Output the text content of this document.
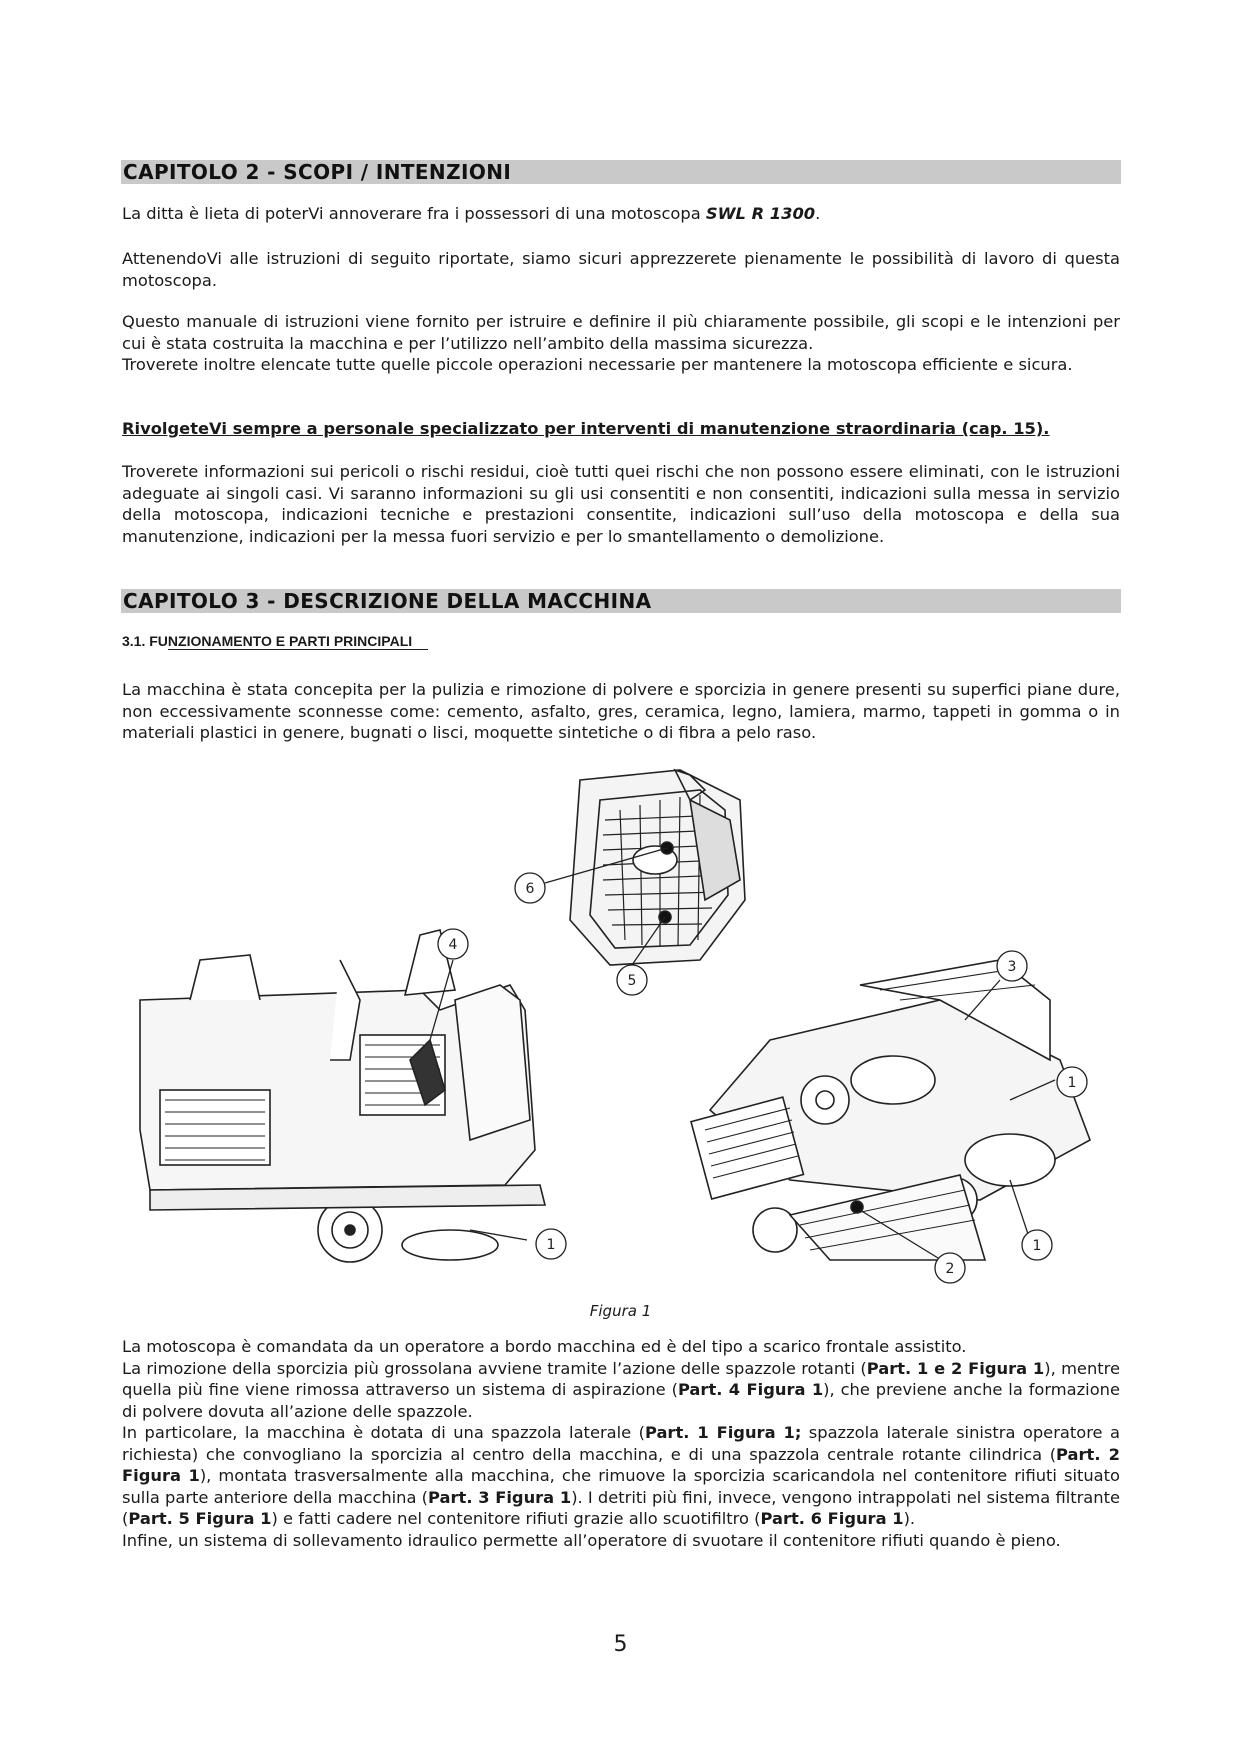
CAPITOLO 2 - SCOPI / INTENZIONI

La ditta è lieta di poterVi annoverare fra i possessori di una motoscopa SWL R 1300.

AttenendoVi alle istruzioni di seguito riportate, siamo sicuri apprezzerete pienamente le possibilità di lavoro di questa motoscopa.

Questo manuale di istruzioni viene fornito per istruire e definire il più chiaramente possibile, gli scopi e le intenzioni per cui è stata costruita la macchina e per l’utilizzo nell’ambito della massima sicurezza.
Troverete inoltre elencate tutte quelle piccole operazioni necessarie per mantenere la motoscopa efficiente e sicura.

RivolgeteVi sempre a personale specializzato per interventi di manutenzione straordinaria (cap. 15).

Troverete informazioni sui pericoli o rischi residui, cioè tutti quei rischi che non possono essere eliminati, con le istruzioni adeguate ai singoli casi. Vi saranno informazioni su gli usi consentiti e non consentiti, indicazioni sulla messa in servizio della motoscopa, indicazioni tecniche e prestazioni consentite, indicazioni sull’uso della motoscopa e della sua manutenzione, indicazioni per la messa fuori servizio e per lo smantellamento o demolizione.

CAPITOLO 3 - DESCRIZIONE DELLA MACCHINA
3.1. FUNZIONAMENTO E PARTI PRINCIPALI

La macchina è stata concepita per la pulizia e rimozione di polvere e sporcizia in genere presenti su superfici piane dure, non eccessivamente sconnesse come: cemento, asfalto, gres, ceramica, legno, lamiera, marmo, tappeti in gomma o in materiali plastici in genere, bugnati o lisci, moquette sintetiche o di fibra a pelo raso.

6
4
5
3
1
1	1
2
Figura 1

La motoscopa è comandata da un operatore a bordo macchina ed è del tipo a scarico frontale assistito.
La rimozione della sporcizia più grossolana avviene tramite l’azione delle spazzole rotanti (Part. 1 e 2 Figura 1), mentre quella più fine viene rimossa attraverso un sistema di aspirazione (Part. 4 Figura 1), che previene anche la formazione di polvere dovuta all’azione delle spazzole.
In particolare, la macchina è dotata di una spazzola laterale (Part. 1 Figura 1; spazzola laterale sinistra operatore a richiesta) che convogliano la sporcizia al centro della macchina, e di una spazzola centrale rotante cilindrica (Part. 2 Figura 1), montata trasversalmente alla macchina, che rimuove la sporcizia scaricandola nel contenitore rifiuti situato sulla parte anteriore della macchina (Part. 3 Figura 1). I detriti più fini, invece, vengono intrappolati nel sistema filtrante (Part. 5 Figura 1) e fatti cadere nel contenitore rifiuti grazie allo scuotifiltro (Part. 6 Figura 1).
Infine, un sistema di sollevamento idraulico permette all’operatore di svuotare il contenitore rifiuti quando è pieno.

5
